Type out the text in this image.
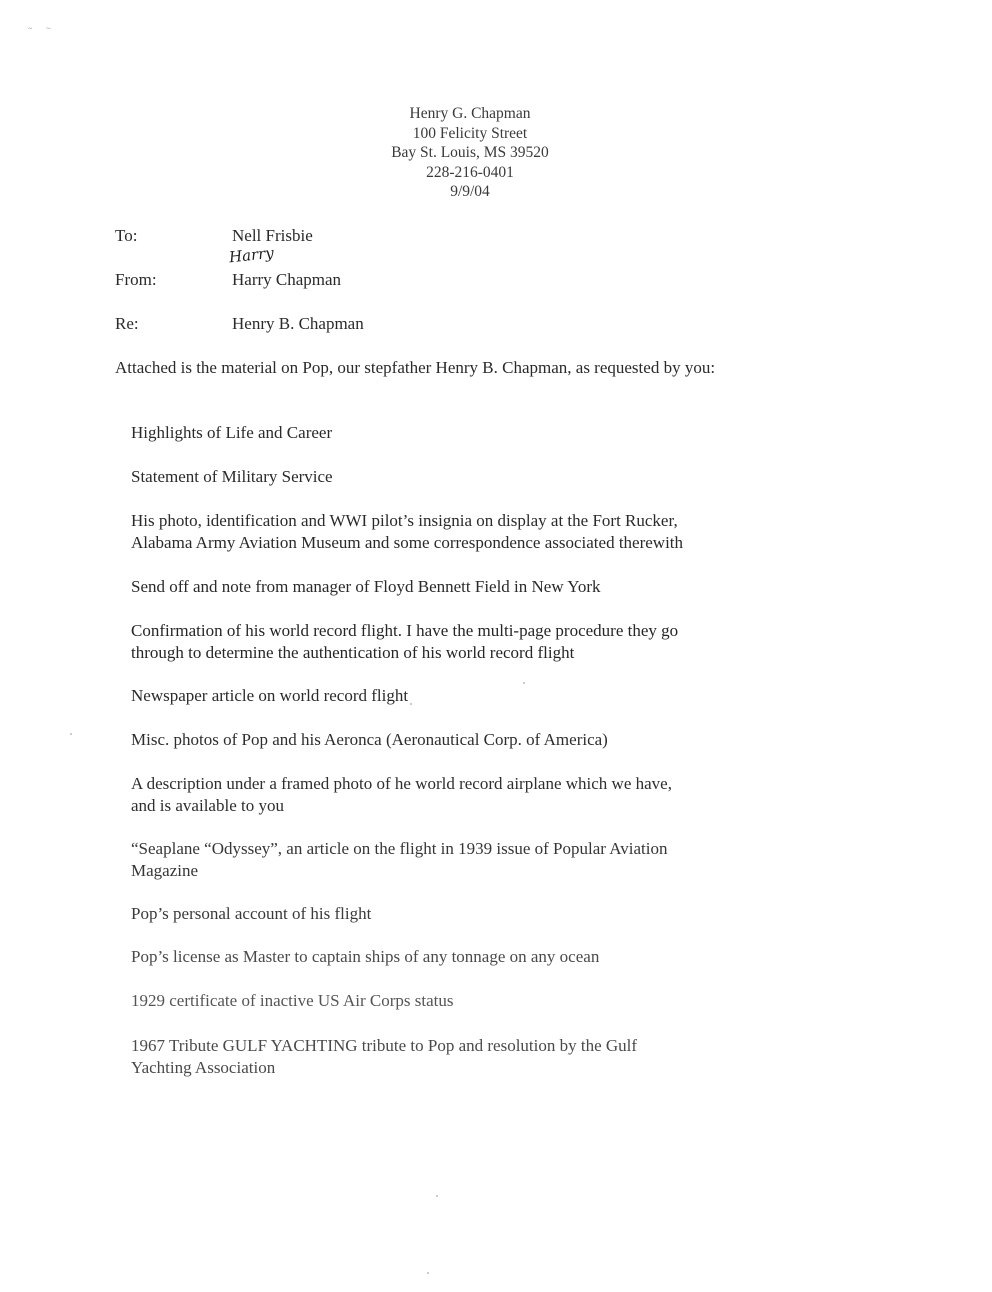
~ ~
Henry G. Chapman
100 Felicity Street
Bay St. Louis, MS 39520
228-216-0401
9/9/04
To:	Nell Frisbie
Harry
From:	Harry Chapman
Re:	Henry B. Chapman
Attached is the material on Pop, our stepfather Henry B. Chapman, as requested by you:
Highlights of Life and Career
Statement of Military Service
His photo, identification and WWI pilot’s insignia on display at the Fort Rucker,
Alabama Army Aviation Museum and some correspondence associated therewith
Send off and note from manager of Floyd Bennett Field in New York
Confirmation of his world record flight. I have the multi-page procedure they go
through to determine the authentication of his world record flight
Newspaper article on world record flight
Misc. photos of Pop and his Aeronca (Aeronautical Corp. of America)
A description under a framed photo of he world record airplane which we have,
and is available to you
“Seaplane “Odyssey”, an article on the flight in 1939 issue of Popular Aviation
Magazine
Pop’s personal account of his flight
Pop’s license as Master to captain ships of any tonnage on any ocean
1929 certificate of inactive US Air Corps status
1967 Tribute GULF YACHTING tribute to Pop and resolution by the Gulf
Yachting Association
